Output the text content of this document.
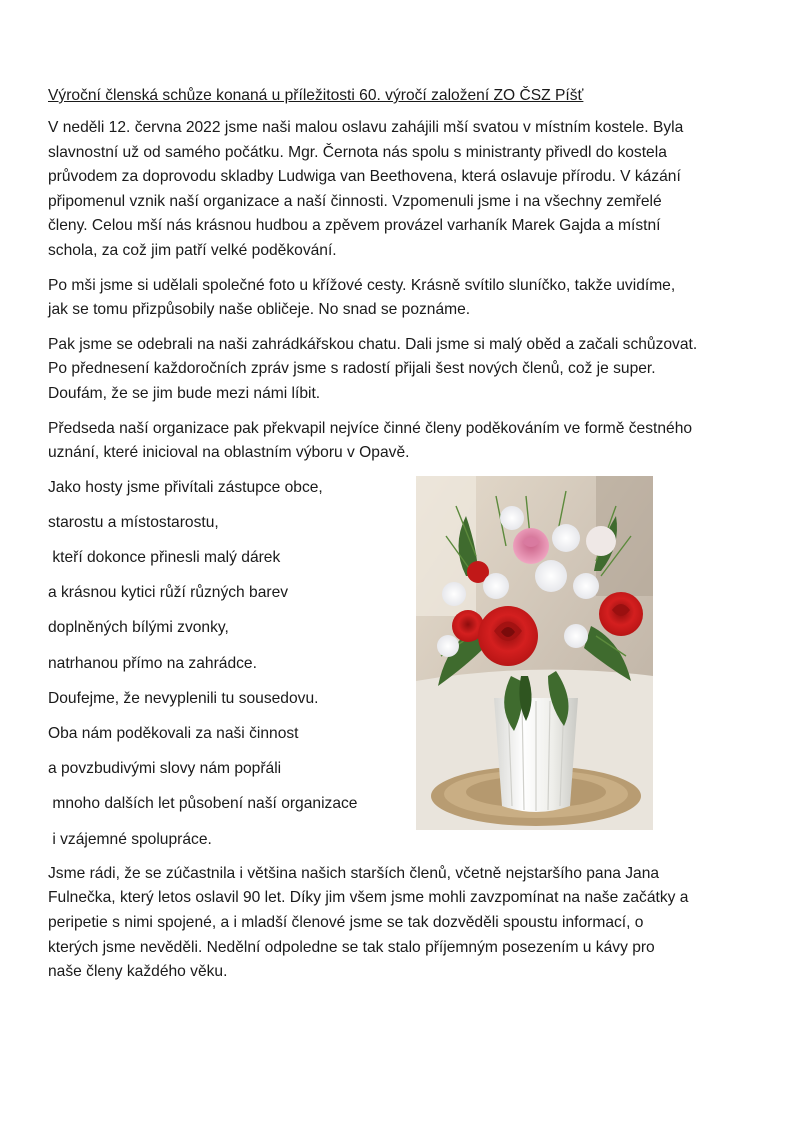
Výroční členská schůze konaná u příležitosti 60. výročí založení ZO ČSZ Píšť

V neděli 12. června 2022 jsme naši malou oslavu zahájili mší svatou v místním kostele. Byla
slavnostní už od samého počátku. Mgr. Černota nás spolu s ministranty přivedl do kostela
průvodem za doprovodu skladby Ludwiga van Beethovena, která oslavuje přírodu. V kázání
připomenul vznik naší organizace a naší činnosti. Vzpomenuli jsme i na všechny zemřelé
členy. Celou mší nás krásnou hudbou a zpěvem provázel varhaník Marek Gajda a místní
schola, za což jim patří velké poděkování.
Po mši jsme si udělali společné foto u křížové cesty. Krásně svítilo sluníčko, takže uvidíme,
jak se tomu přizpůsobily naše obličeje. No snad se poznáme.
Pak jsme se odebrali na naši zahrádkářskou chatu. Dali jsme si malý oběd a začali schůzovat.
Po přednesení každoročních zpráv jsme s radostí přijali šest nových členů, což je super.
Doufám, že se jim bude mezi námi líbit.
Předseda naší organizace pak překvapil nejvíce činné členy poděkováním ve formě čestného
uznání, které inicioval na oblastním výboru v Opavě.
Jako hosty jsme přivítali zástupce obce,
starostu a místostarostu,
kteří dokonce přinesli malý dárek
a krásnou kytici růží různých barev
doplněných bílými zvonky,
natrhanou přímo na zahrádce.
Doufejme, že nevyplenili tu sousedovu.
Oba nám poděkovali za naši činnost
a povzbudivými slovy nám popřáli
mnoho dalších let působení naší organizace
i vzájemné spolupráce.
Jsme rádi, že se zúčastnila i většina našich starších členů, včetně nejstaršího pana Jana
Fulnečka, který letos oslavil 90 let. Díky jim všem jsme mohli zavzpomínat na naše začátky a
peripetie s nimi spojené, a i mladší členové jsme se tak dozvěděli spoustu informací, o
kterých jsme nevěděli. Nedělní odpoledne se tak stalo příjemným posezením u kávy pro
naše členy každého věku.
